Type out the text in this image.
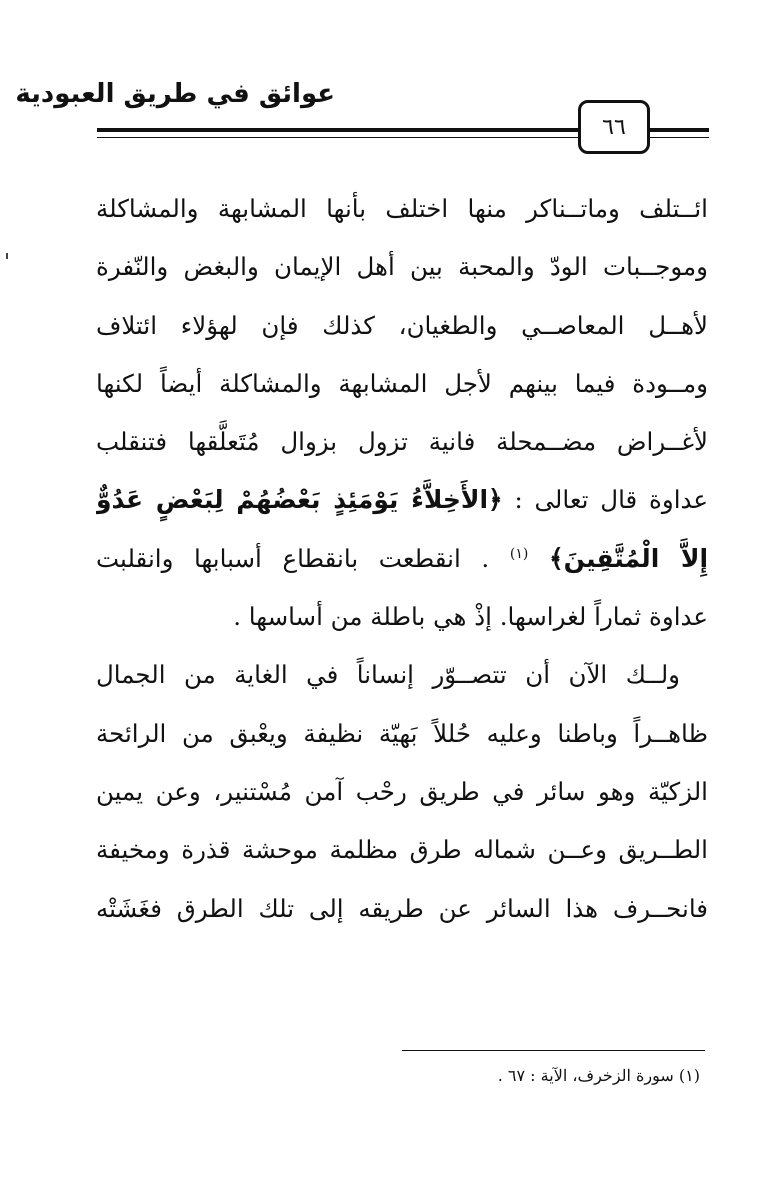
عوائق في طريق العبودية
٦٦
ائــتلف وماتــناكر منها اختلف بأنها المشابهة والمشاكلة
وموجــبات الودّ والمحبة بين أهل الإيمان والبغض والنّفرة
لأهــل المعاصــي والطغيان، كذلك فإن لهؤلاء ائتلاف
ومــودة فيما بينهم لأجل المشابهة والمشاكلة أيضاً لكنها
لأغــراض مضــمحلة فانية تزول بزوال مُتَعلَّقها فتنقلب
عداوة قال تعالى : ﴿الأَخِلاَّءُ يَوْمَئِذٍ بَعْضُهُمْ لِبَعْضٍ عَدُوٌّ
إِلاَّ الْمُتَّقِينَ﴾ $^{(١)}$ . انقطعت بانقطاع أسبابها وانقلبت
عداوة ثماراً لغراسها. إذْ هي باطلة من أساسها .
ولــك الآن أن تتصــوّر إنساناً في الغاية من الجمال
ظاهــراً وباطنا وعليه حُللاً بَهيّة نظيفة ويعْبق من الرائحة
الزكيّة وهو سائر في طريق رحْب آمن مُسْتنير، وعن يمين
الطــريق وعــن شماله طرق مظلمة موحشة قذرة ومخيفة
فانحــرف هذا السائر عن طريقه إلى تلك الطرق فغَشَتْه
(١) سورة الزخرف، الآية : ٦٧ .
